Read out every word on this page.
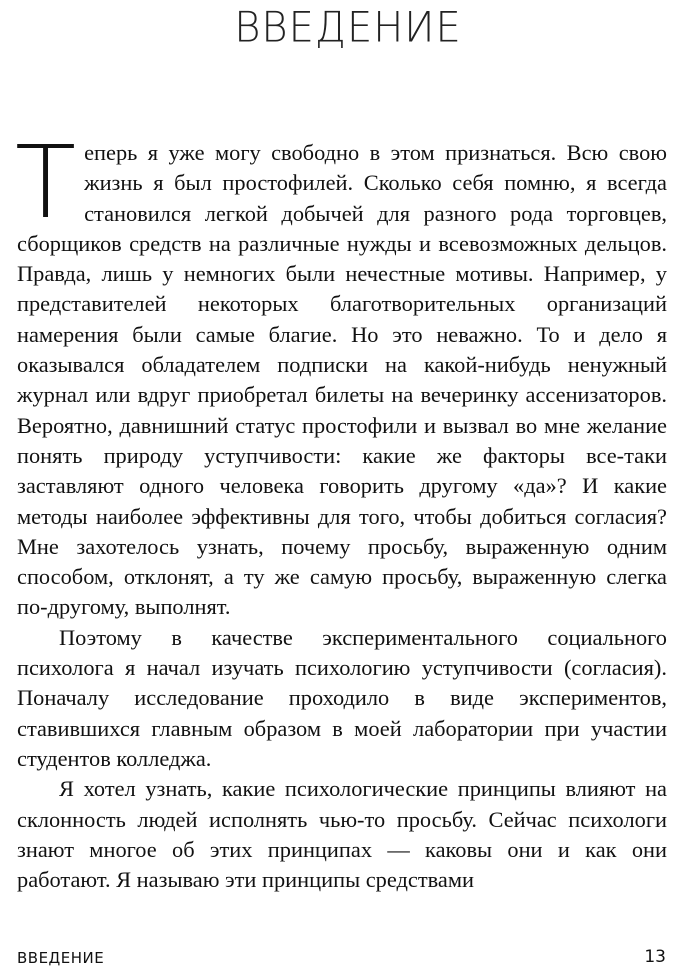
ВВЕДЕНИЕ

Теперь я уже могу свободно в этом признаться. Всю свою жизнь я был простофилей. Сколько себя помню, я всегда становился легкой добычей для разного рода торговцев, сборщиков средств на различные нужды и всевозможных дельцов. Правда, лишь у немногих были нечестные мотивы. Например, у представителей некоторых благотворительных организаций намерения были самые благие. Но это неважно. То и дело я оказывался обладателем подписки на какой-нибудь ненужный журнал или вдруг приобретал билеты на вечеринку ассенизаторов. Вероятно, давнишний статус простофили и вызвал во мне желание понять природу уступчивости: какие же факторы все-таки заставляют одного человека говорить другому «да»? И какие методы наиболее эффективны для того, чтобы добиться согласия? Мне захотелось узнать, почему просьбу, выраженную одним способом, отклонят, а ту же самую просьбу, выраженную слегка по-другому, выполнят.

Поэтому в качестве экспериментального социального психолога я начал изучать психологию уступчивости (согласия). Поначалу исследование проходило в виде экспериментов, ставившихся главным образом в моей лаборатории при участии студентов колледжа.

Я хотел узнать, какие психологические принципы влияют на склонность людей исполнять чью-то просьбу. Сейчас психологи знают многое об этих принципах — каковы они и как они работают. Я называю эти принципы средствами

ВВЕДЕНИЕ	13
